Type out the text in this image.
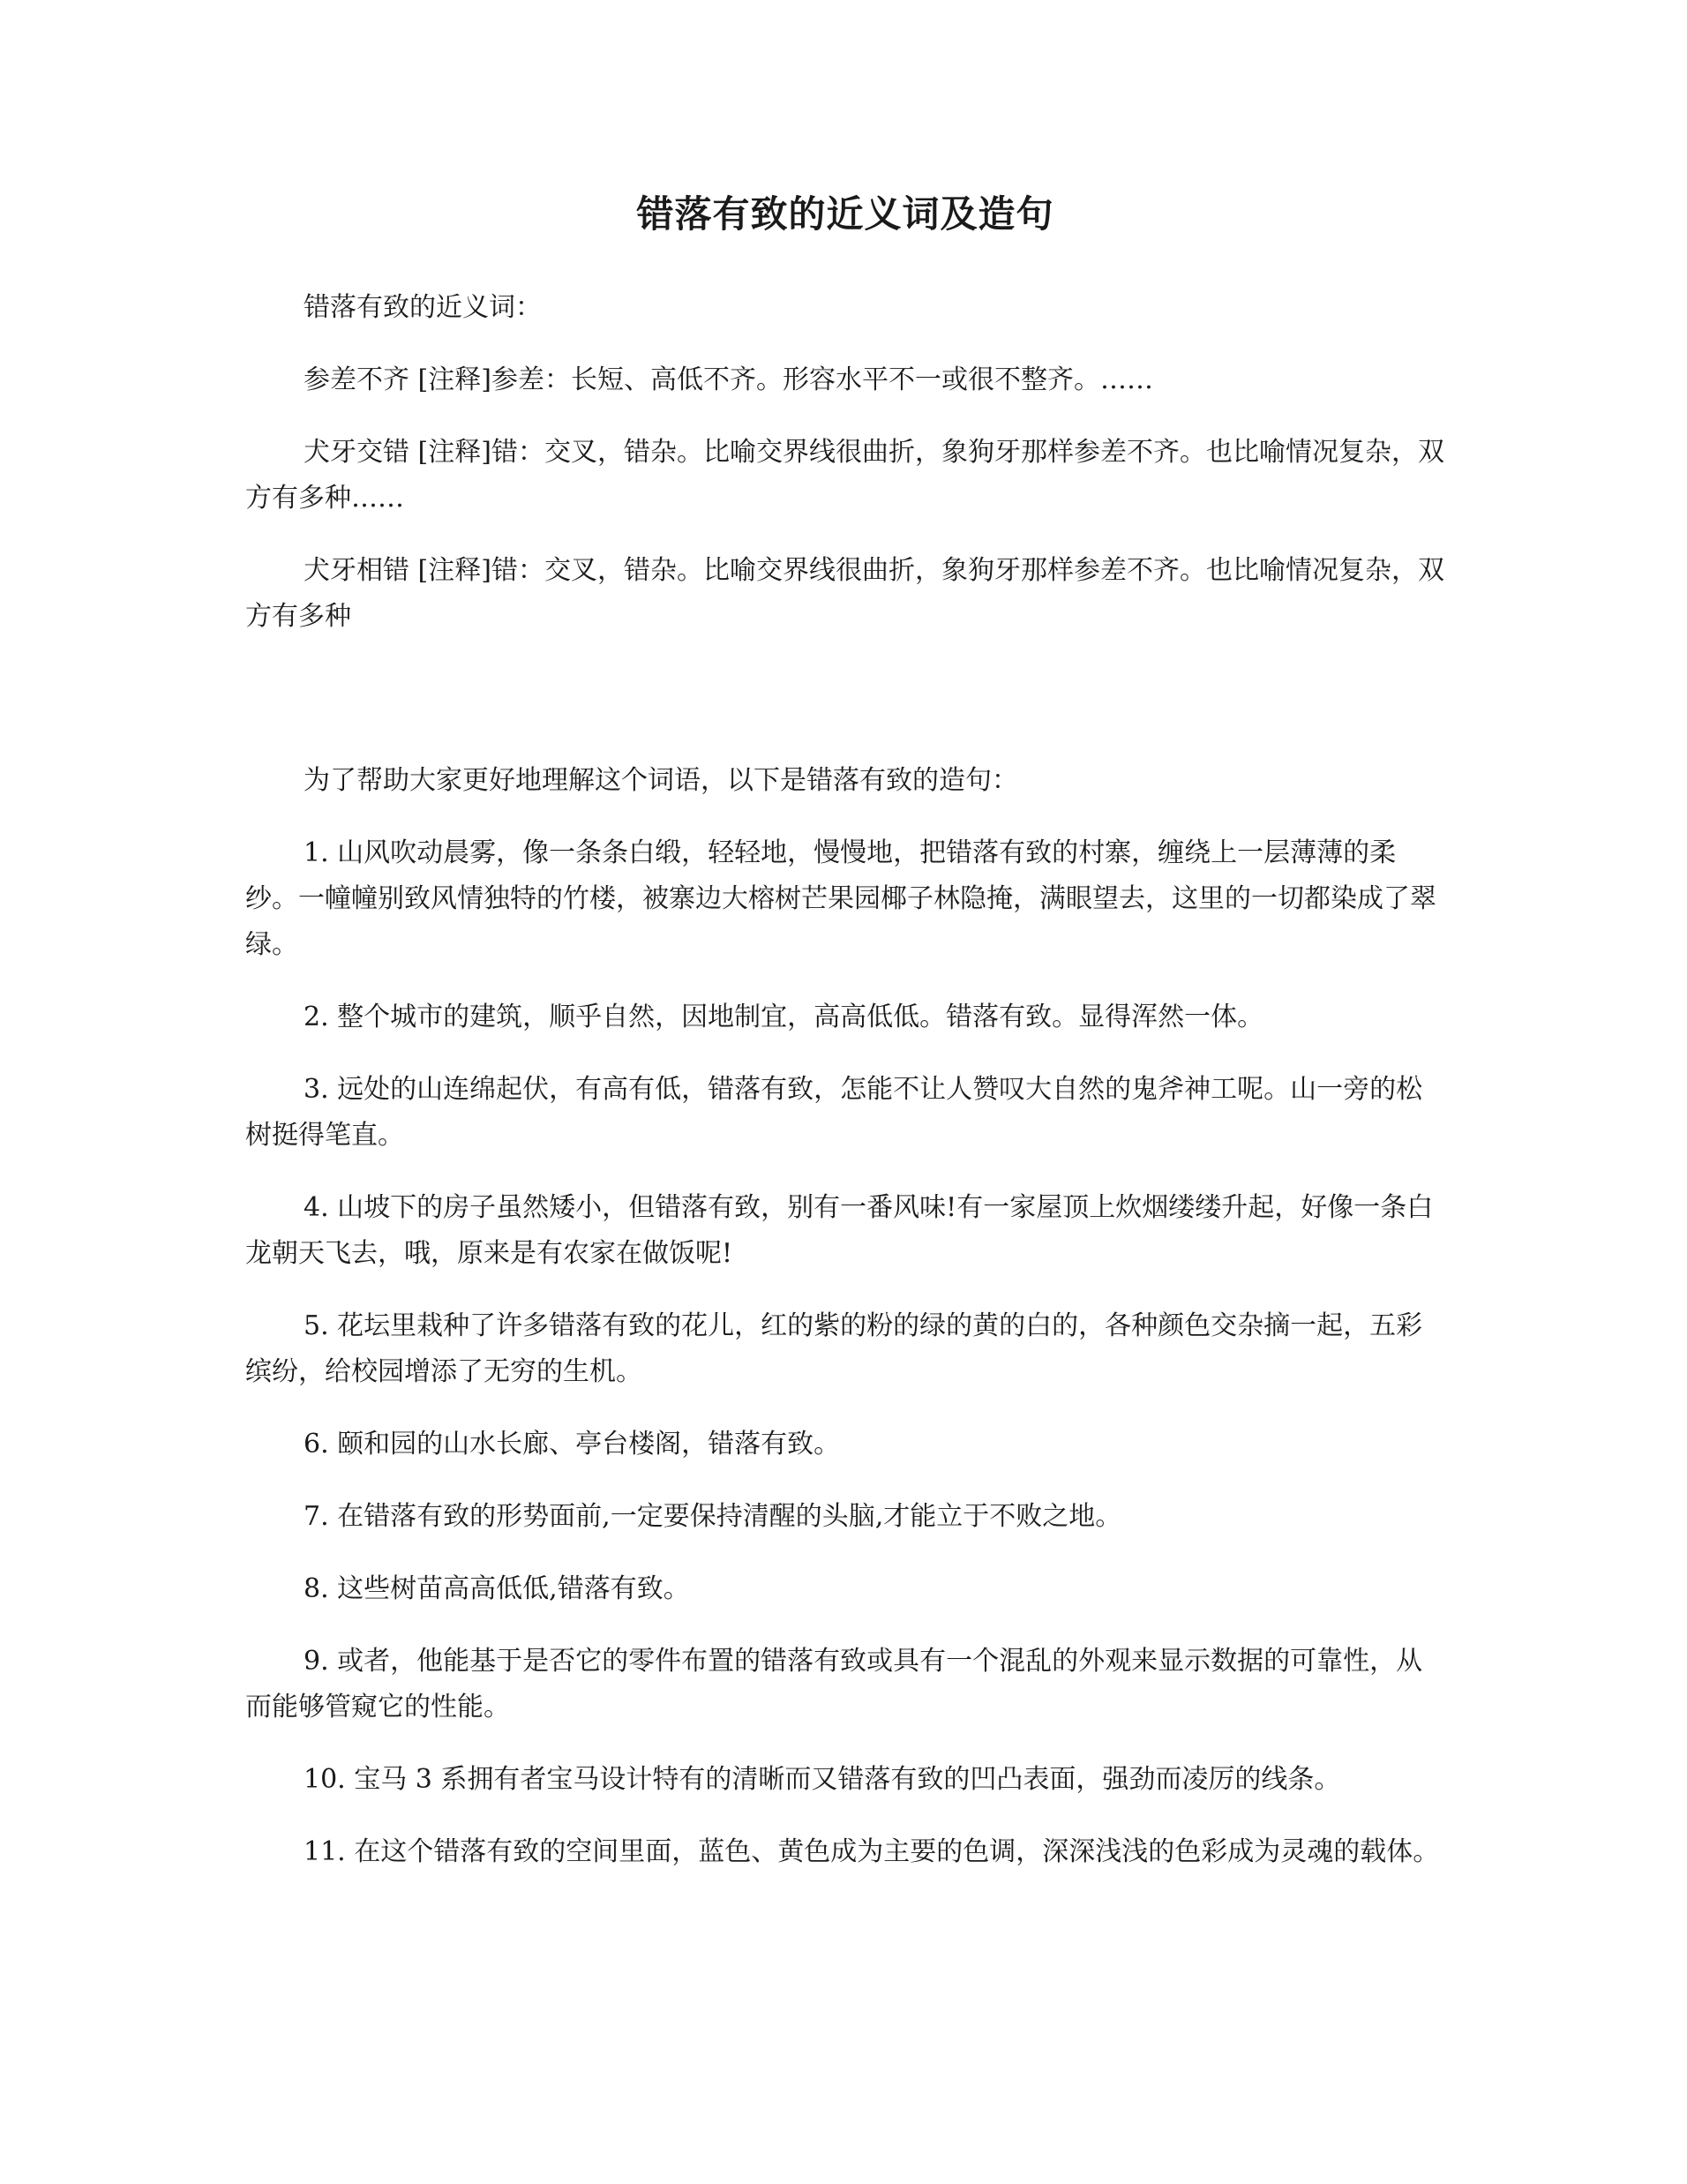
错落有致的近义词及造句

错落有致的近义词：

参差不齐 [注释]参差：长短、高低不齐。形容水平不一或很不整齐。……

犬牙交错 [注释]错：交叉，错杂。比喻交界线很曲折，象狗牙那样参差不齐。也比喻情况复杂，双方有多种……

犬牙相错 [注释]错：交叉，错杂。比喻交界线很曲折，象狗牙那样参差不齐。也比喻情况复杂，双方有多种

为了帮助大家更好地理解这个词语，以下是错落有致的造句：

1. 山风吹动晨雾，像一条条白缎，轻轻地，慢慢地，把错落有致的村寨，缠绕上一层薄薄的柔纱。一幢幢别致风情独特的竹楼，被寨边大榕树芒果园椰子林隐掩，满眼望去，这里的一切都染成了翠绿。

2. 整个城市的建筑，顺乎自然，因地制宜，高高低低。错落有致。显得浑然一体。

3. 远处的山连绵起伏，有高有低，错落有致，怎能不让人赞叹大自然的鬼斧神工呢。山一旁的松树挺得笔直。

4. 山坡下的房子虽然矮小，但错落有致，别有一番风味!有一家屋顶上炊烟缕缕升起，好像一条白龙朝天飞去，哦，原来是有农家在做饭呢!

5. 花坛里栽种了许多错落有致的花儿，红的紫的粉的绿的黄的白的，各种颜色交杂摘一起，五彩缤纷，给校园增添了无穷的生机。

6. 颐和园的山水长廊、亭台楼阁，错落有致。

7. 在错落有致的形势面前,一定要保持清醒的头脑,才能立于不败之地。

8. 这些树苗高高低低,错落有致。

9. 或者，他能基于是否它的零件布置的错落有致或具有一个混乱的外观来显示数据的可靠性，从而能够管窥它的性能。

10. 宝马 3 系拥有者宝马设计特有的清晰而又错落有致的凹凸表面，强劲而凌厉的线条。

11. 在这个错落有致的空间里面，蓝色、黄色成为主要的色调，深深浅浅的色彩成为灵魂的载体。
